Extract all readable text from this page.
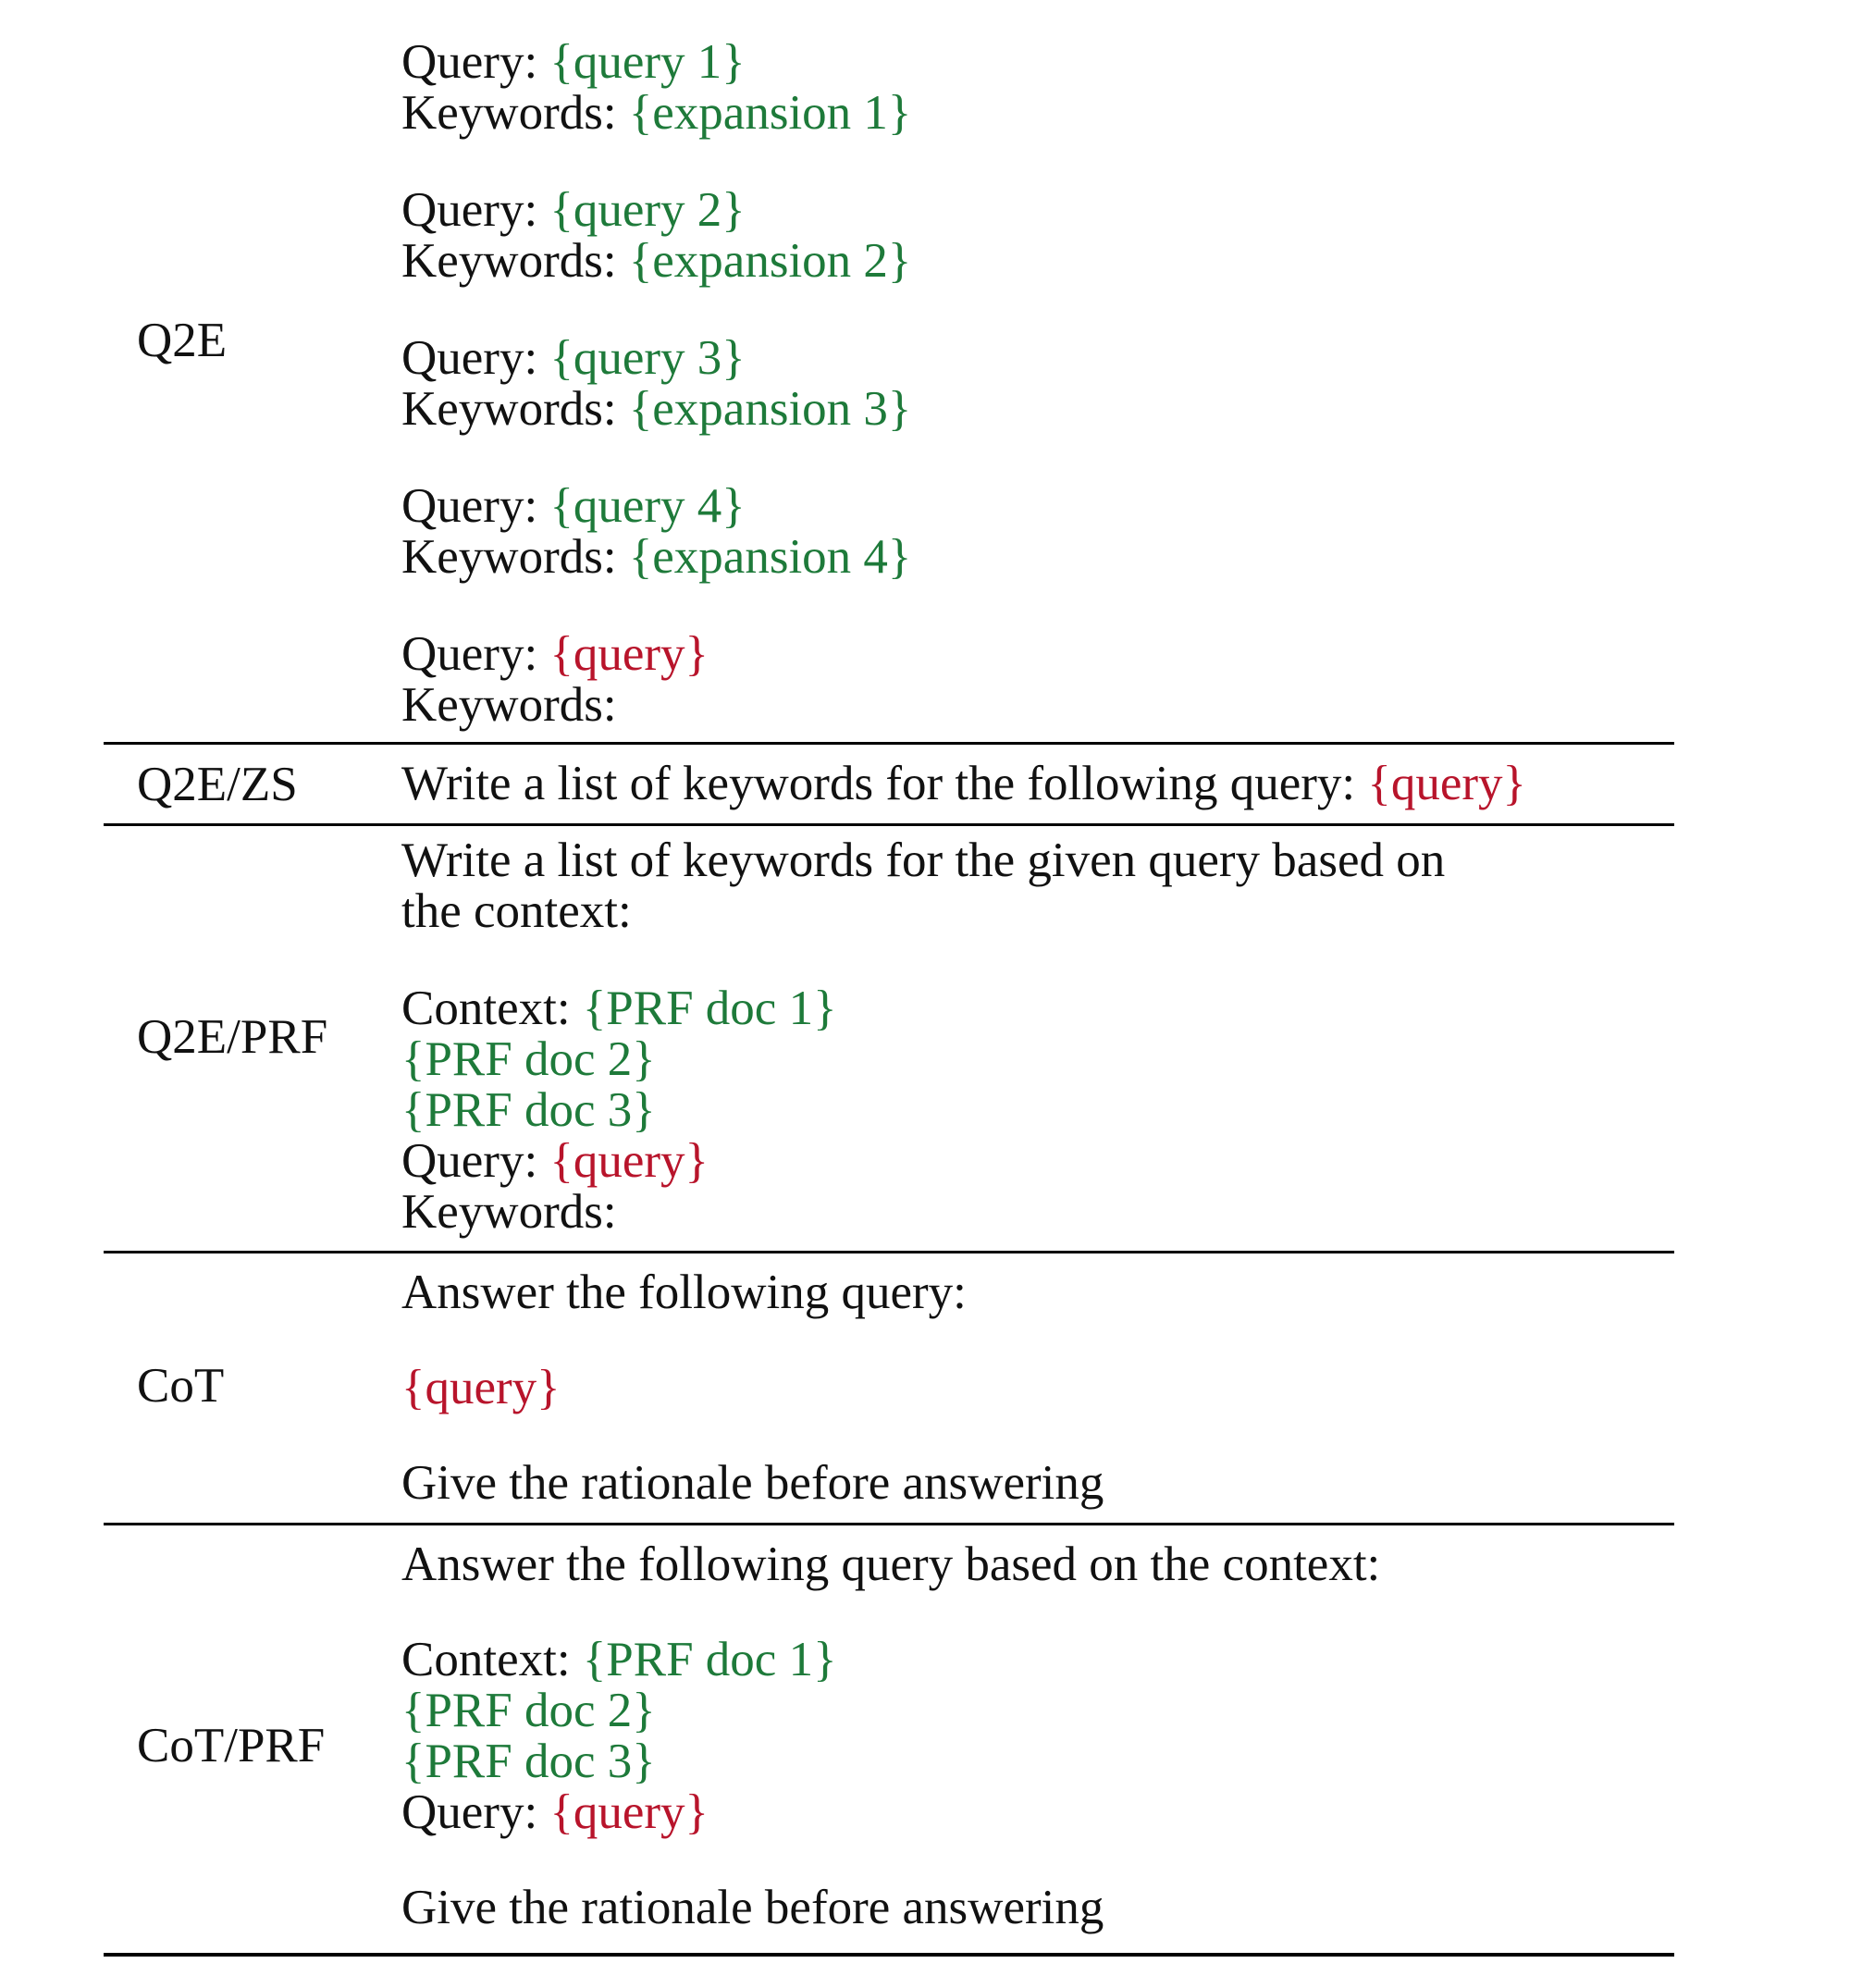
Q2E
Query: {query 1}
Keywords: {expansion 1}
Query: {query 2}
Keywords: {expansion 2}
Query: {query 3}
Keywords: {expansion 3}
Query: {query 4}
Keywords: {expansion 4}
Query: {query}
Keywords:
Q2E/ZS Write a list of keywords for the following query: {query}
Q2E/PRF
Write a list of keywords for the given query based on
the context:
Context: {PRF doc 1}
{PRF doc 2}
{PRF doc 3}
Query: {query}
Keywords:
CoT
Answer the following query:
{query}
Give the rationale before answering
CoT/PRF
Answer the following query based on the context:
Context: {PRF doc 1}
{PRF doc 2}
{PRF doc 3}
Query: {query}
Give the rationale before answering
